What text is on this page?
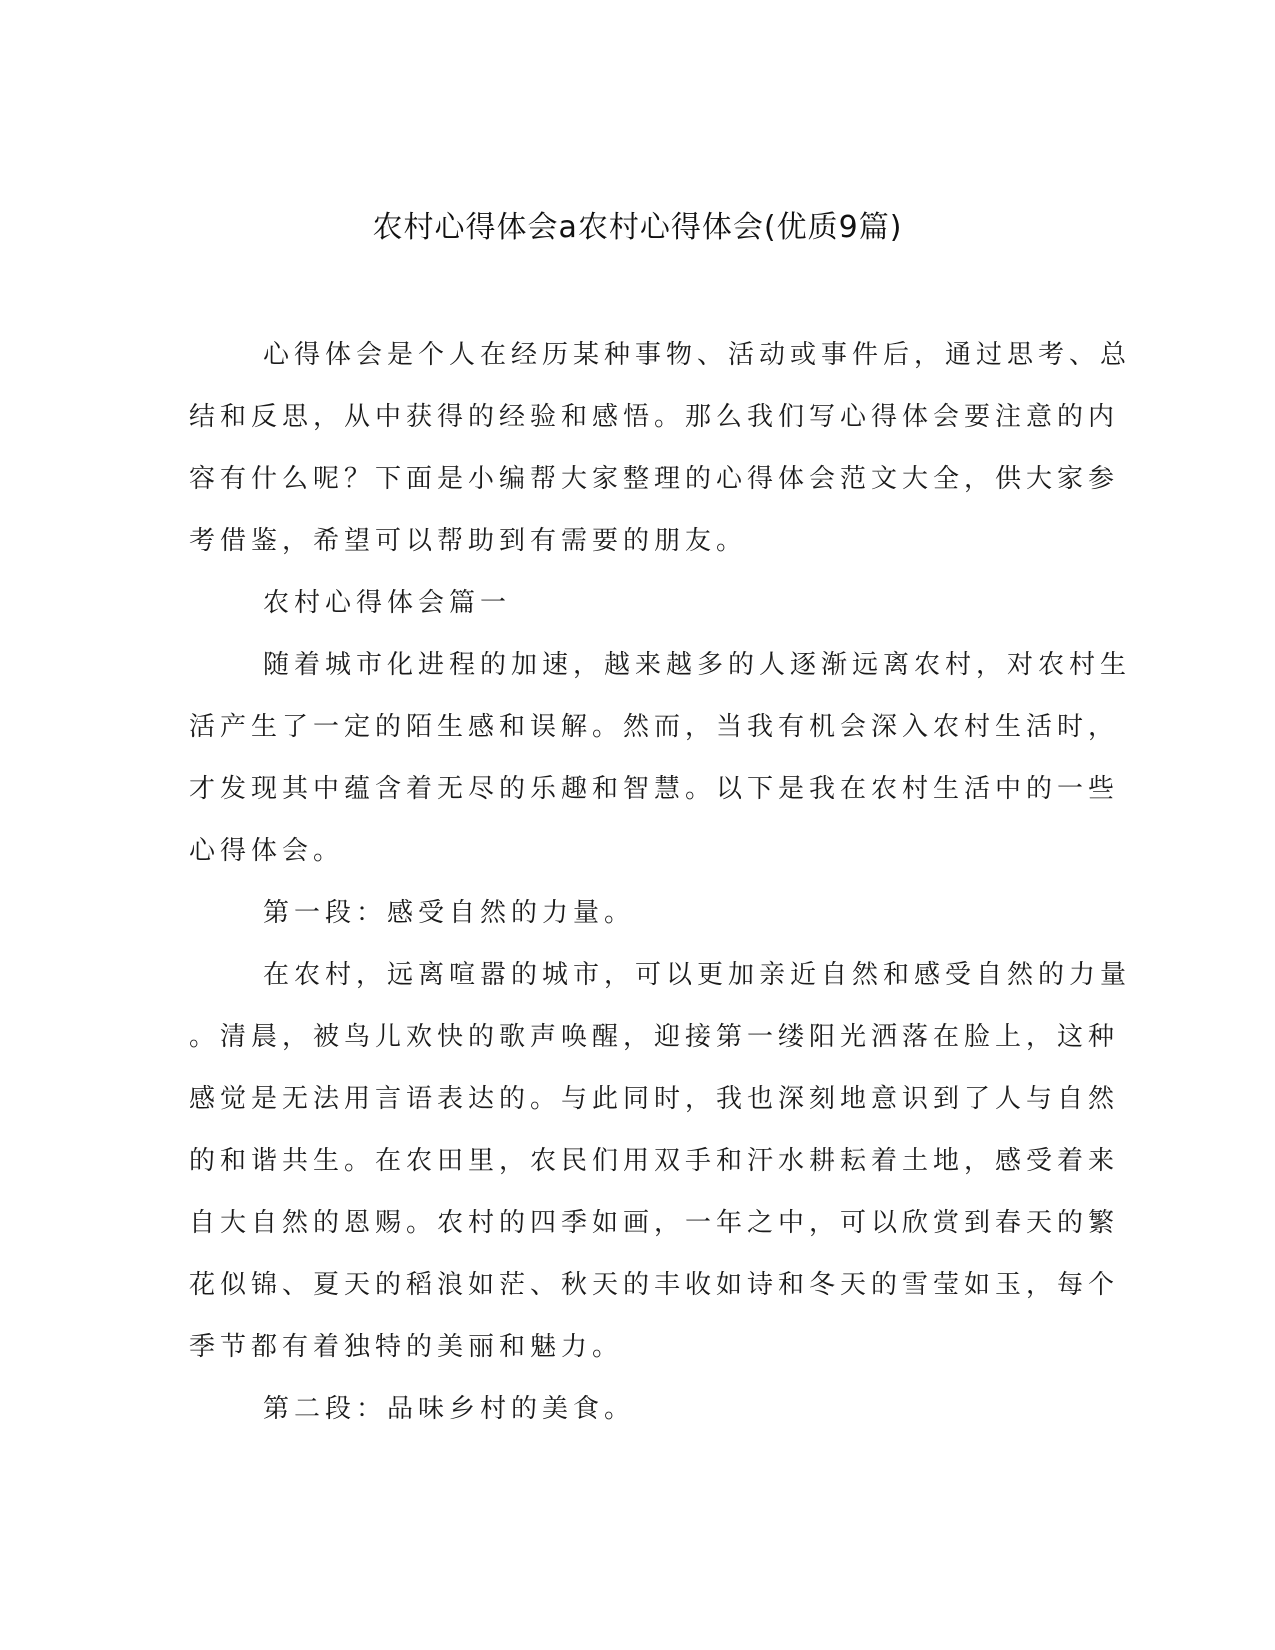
农村心得体会a农村心得体会(优质9篇)
心得体会是个人在经历某种事物、活动或事件后，通过思考、总
结和反思，从中获得的经验和感悟。那么我们写心得体会要注意的内
容有什么呢？下面是小编帮大家整理的心得体会范文大全，供大家参
考借鉴，希望可以帮助到有需要的朋友。
农村心得体会篇一
随着城市化进程的加速，越来越多的人逐渐远离农村，对农村生
活产生了一定的陌生感和误解。然而，当我有机会深入农村生活时，
才发现其中蕴含着无尽的乐趣和智慧。以下是我在农村生活中的一些
心得体会。
第一段：感受自然的力量。
在农村，远离喧嚣的城市，可以更加亲近自然和感受自然的力量
。清晨，被鸟儿欢快的歌声唤醒，迎接第一缕阳光洒落在脸上，这种
感觉是无法用言语表达的。与此同时，我也深刻地意识到了人与自然
的和谐共生。在农田里，农民们用双手和汗水耕耘着土地，感受着来
自大自然的恩赐。农村的四季如画，一年之中，可以欣赏到春天的繁
花似锦、夏天的稻浪如茫、秋天的丰收如诗和冬天的雪莹如玉，每个
季节都有着独特的美丽和魅力。
第二段：品味乡村的美食。
